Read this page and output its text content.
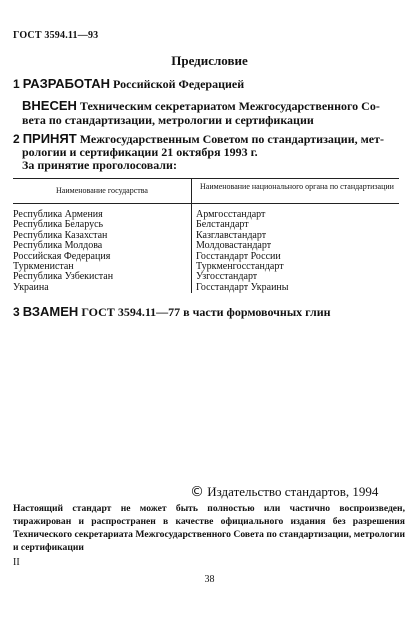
ГОСТ 3594.11—93
Предисловие
1 РАЗРАБОТАН Российской Федерацией
ВНЕСЕН Техническим секретариатом Межгосударственного Со-
вета по стандартизации, метрологии и сертификации
2 ПРИНЯТ Межгосударственным Советом по стандартизации, мет-
рологии и сертификации 21 октября 1993 г.
За принятие проголосовали:
Наименование государства	Наименование национального органа по стандартизации
Республика Армения	Армгосстандарт
Республика Беларусь	Белстандарт
Республика Казахстан	Казглавстандарт
Республика Молдова	Молдовастандарт
Российская Федерация	Госстандарт России
Туркменистан	Туркменгосстандарт
Республика Узбекистан	Узгосстандарт
Украина	Госстандарт Украины
3 ВЗАМЕН ГОСТ 3594.11—77 в части формовочных глин
© Издательство стандартов, 1994
Настоящий стандарт не может быть полностью или частично воспроизведен, тиражирован и распространен в качестве официального издания без разрешения Технического секретариата Межгосударственного Совета по стандартизации, метрологии и сертификации
II
38
